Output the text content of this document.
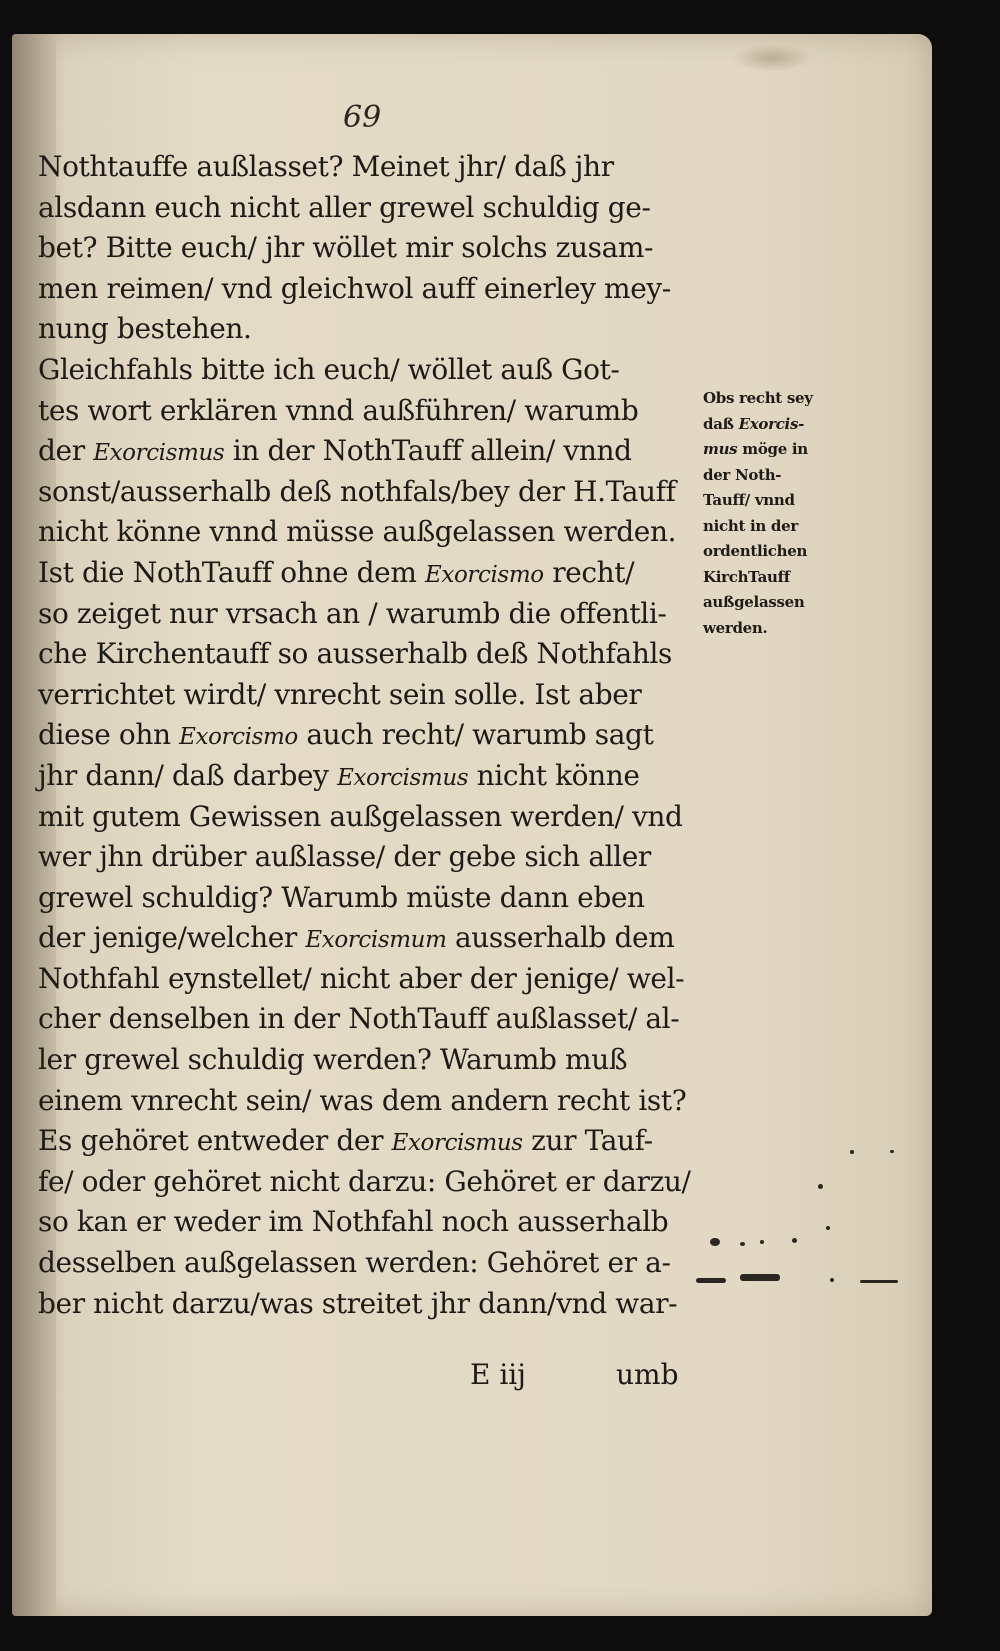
69
Nothtauffe außlasset? Meinet jhr/ daß jhr
alsdann euch nicht aller grewel schuldig ge-
bet? Bitte euch/ jhr wöllet mir solchs zusam-
men reimen/ vnd gleichwol auff einerley mey-
nung bestehen.
Gleichfahls bitte ich euch/ wöllet auß Got-
tes wort erklären vnnd außführen/ warumb
der Exorcismus in der NothTauff allein/ vnnd
sonst/ausserhalb deß nothfals/bey der H.Tauff
nicht könne vnnd müsse außgelassen werden.
Ist die NothTauff ohne dem Exorcismo recht/
so zeiget nur vrsach an / warumb die offentli-
che Kirchentauff so ausserhalb deß Nothfahls
verrichtet wirdt/ vnrecht sein solle. Ist aber
diese ohn Exorcismo auch recht/ warumb sagt
jhr dann/ daß darbey Exorcismus nicht könne
mit gutem Gewissen außgelassen werden/ vnd
wer jhn drüber außlasse/ der gebe sich aller
grewel schuldig? Warumb müste dann eben
der jenige/welcher Exorcismum ausserhalb dem
Nothfahl eynstellet/ nicht aber der jenige/ wel-
cher denselben in der NothTauff außlasset/ al-
ler grewel schuldig werden? Warumb muß
einem vnrecht sein/ was dem andern recht ist?
Es gehöret entweder der Exorcismus zur Tauf-
fe/ oder gehöret nicht darzu: Gehöret er darzu/
so kan er weder im Nothfahl noch ausserhalb
desselben außgelassen werden: Gehöret er a-
ber nicht darzu/was streitet jhr dann/vnd war-
E iij	umb
Obs recht sey
daß Exorcis-
mus möge in
der Noth-
Tauff/ vnnd
nicht in der
ordentlichen
KirchTauff
außgelassen
werden.
